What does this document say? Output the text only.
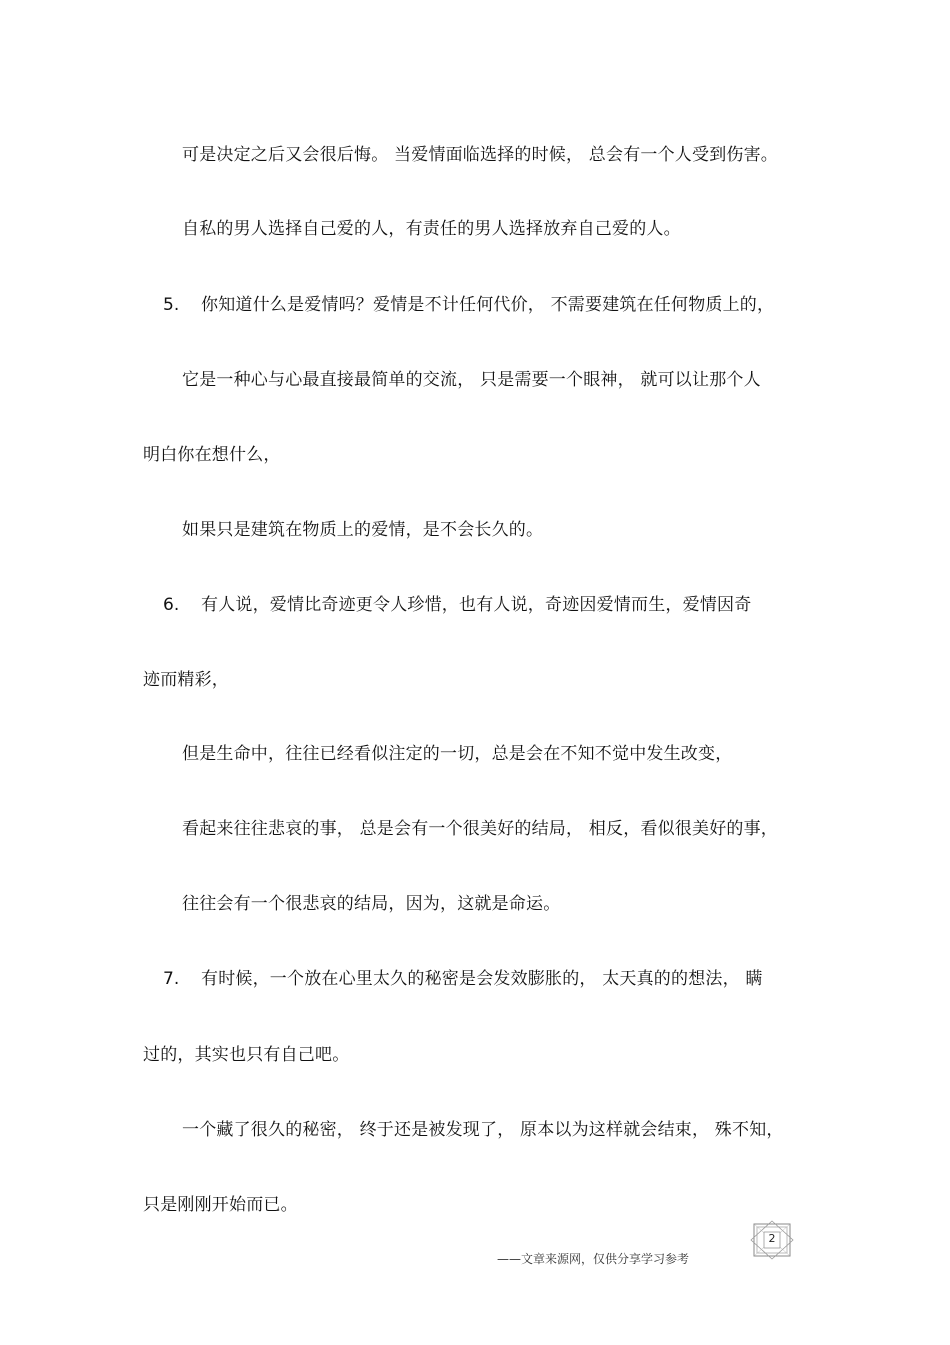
可是决定之后又会很后悔。 当爱情面临选择的时候， 总会有一个人受到伤害。
自私的男人选择自己爱的人，有责任的男人选择放弃自己爱的人。
5. 你知道什么是爱情吗？爱情是不计任何代价， 不需要建筑在任何物质上的，
它是一种心与心最直接最简单的交流， 只是需要一个眼神， 就可以让那个人
明白你在想什么，
如果只是建筑在物质上的爱情，是不会长久的。
6. 有人说，爱情比奇迹更令人珍惜，也有人说，奇迹因爱情而生，爱情因奇
迹而精彩，
但是生命中，往往已经看似注定的一切，总是会在不知不觉中发生改变，
看起来往往悲哀的事， 总是会有一个很美好的结局， 相反，看似很美好的事，
往往会有一个很悲哀的结局，因为，这就是命运。
7. 有时候，一个放在心里太久的秘密是会发效膨胀的， 太天真的的想法， 瞒
过的，其实也只有自己吧。
一个藏了很久的秘密， 终于还是被发现了， 原本以为这样就会结束， 殊不知，
只是刚刚开始而已。
——文章来源网，仅供分享学习参考
2
